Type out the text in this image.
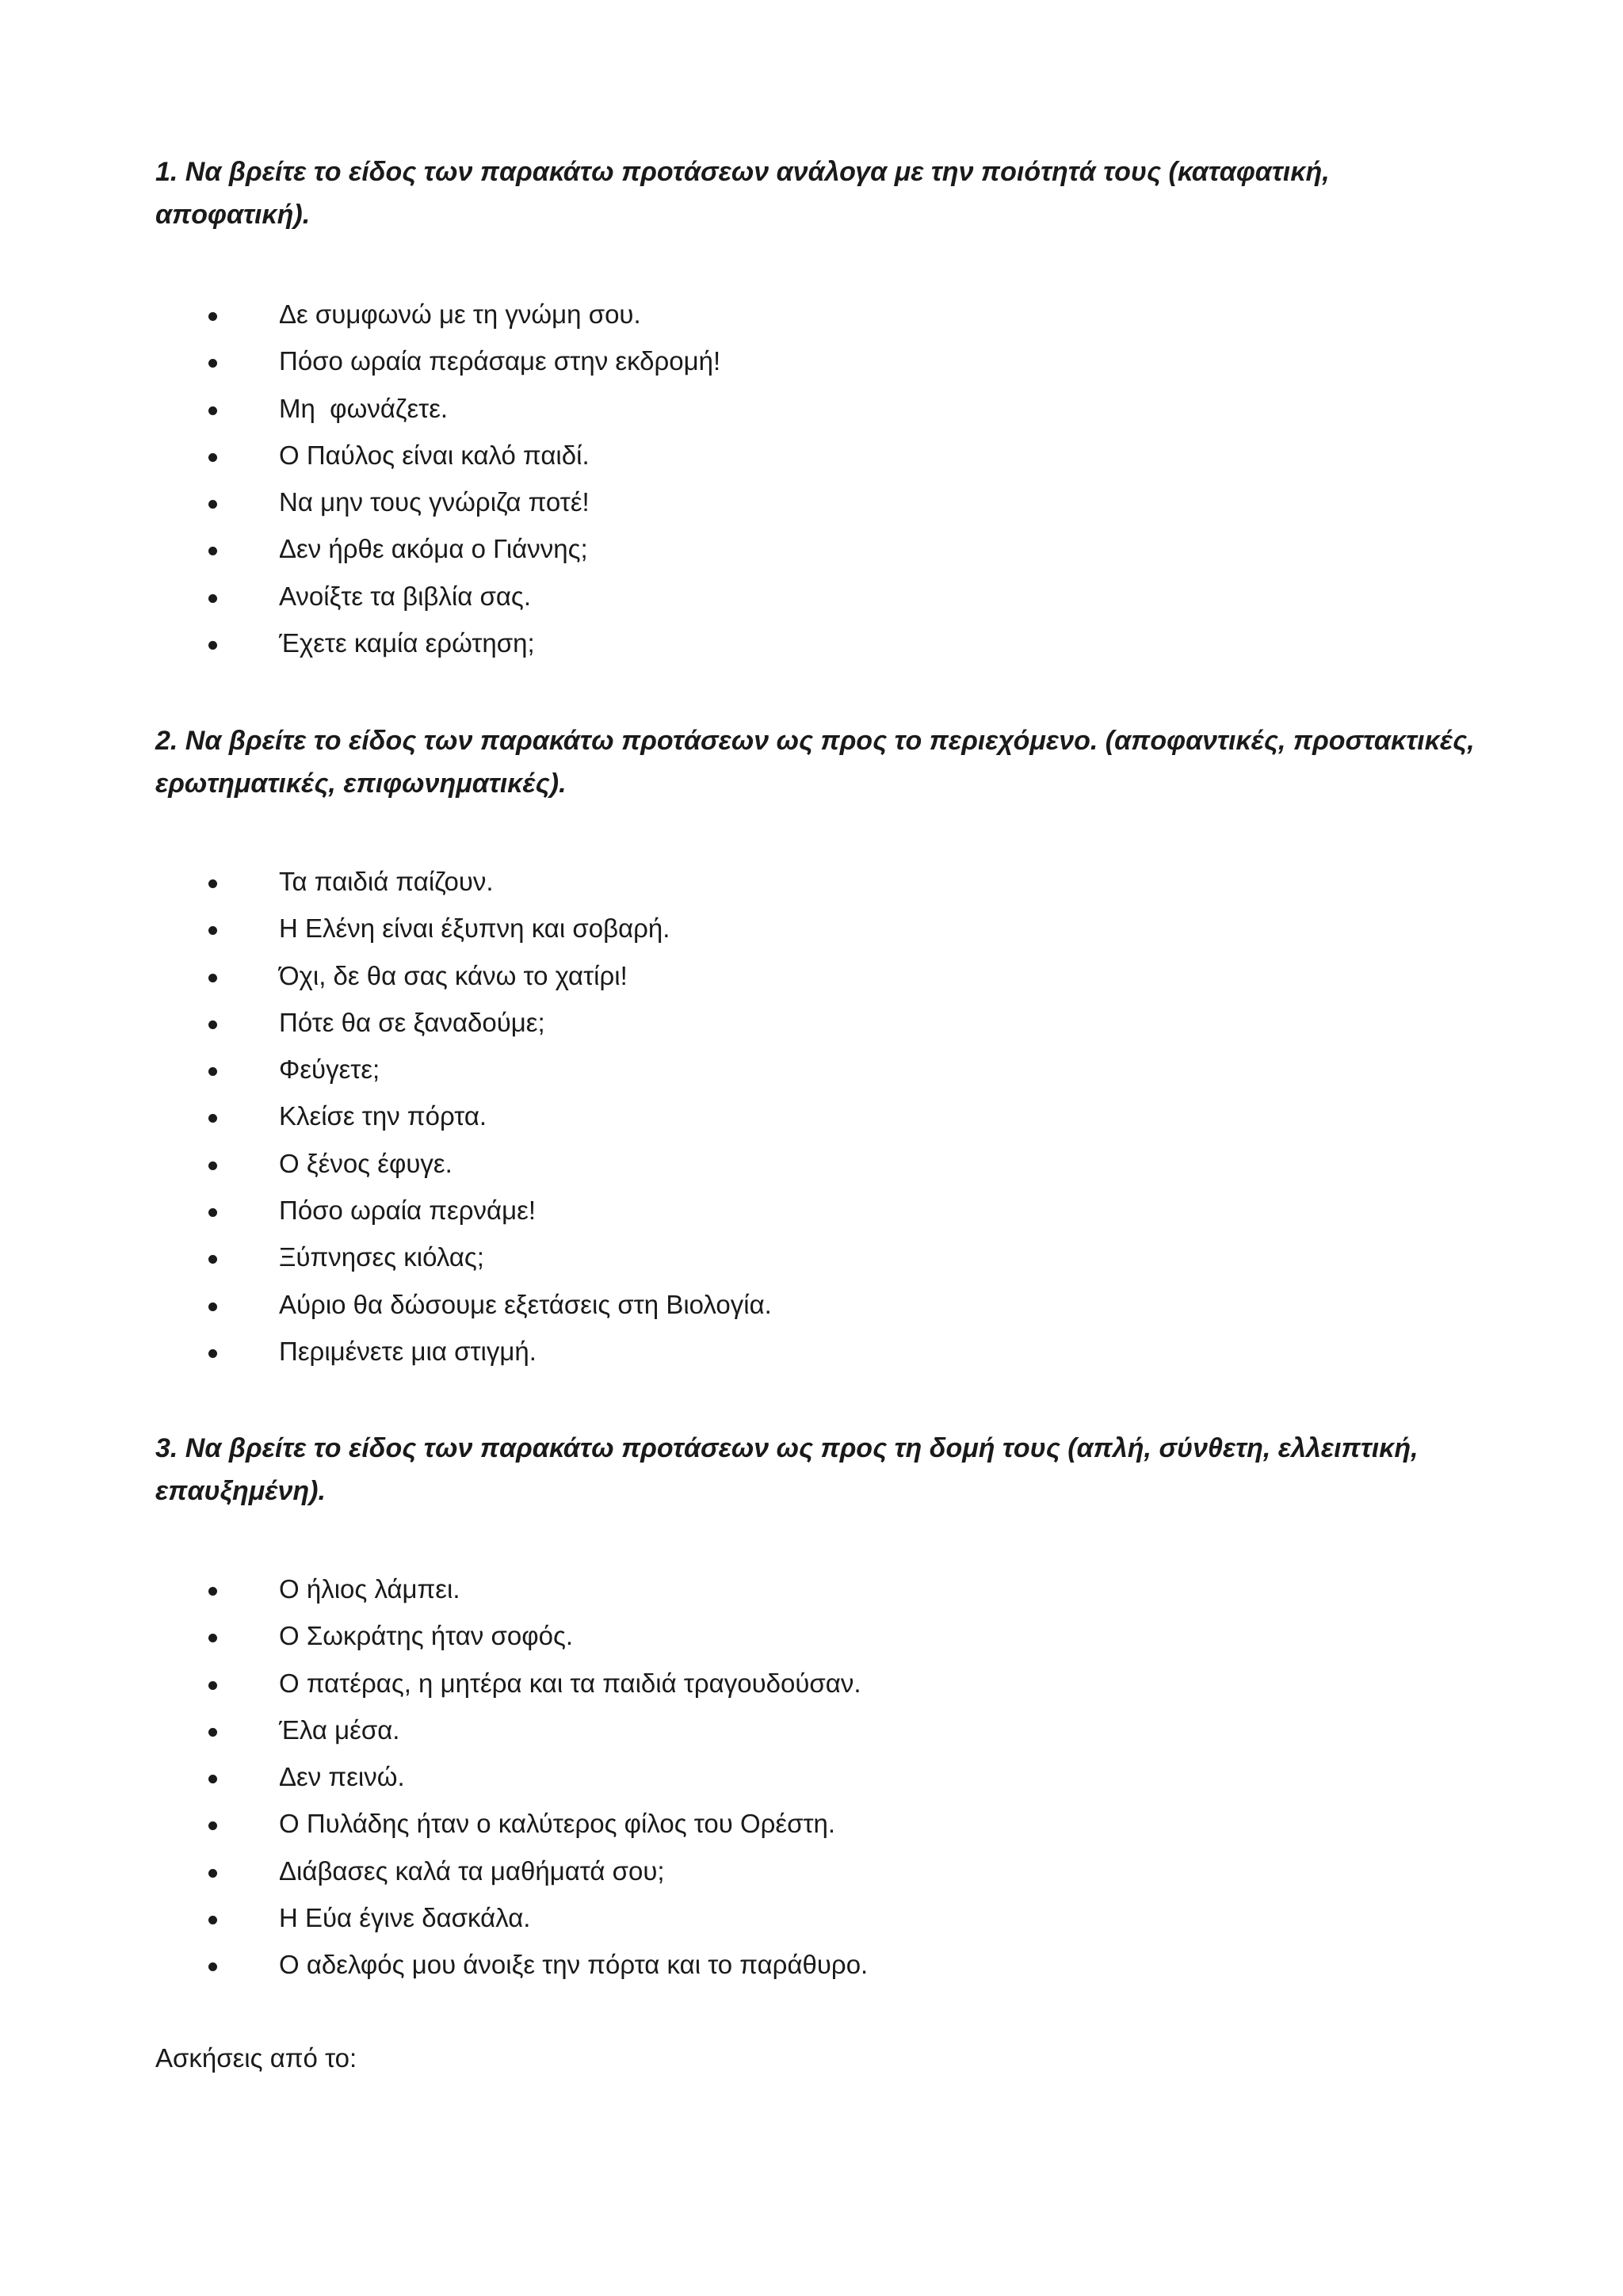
1. Να βρείτε το είδος των παρακάτω προτάσεων ανάλογα με την ποιότητά τους (καταφατική,
αποφατική).

Δε συμφωνώ με τη γνώμη σου.
Πόσο ωραία περάσαμε στην εκδρομή!
Μη  φωνάζετε.
Ο Παύλος είναι καλό παιδί.
Να μην τους γνώριζα ποτέ!
Δεν ήρθε ακόμα ο Γιάννης;
Ανοίξτε τα βιβλία σας.
Έχετε καμία ερώτηση;

2. Να βρείτε το είδος των παρακάτω προτάσεων ως προς το περιεχόμενο. (αποφαντικές, προστακτικές,
ερωτηματικές, επιφωνηματικές).

Τα παιδιά παίζουν.
Η Ελένη είναι έξυπνη και σοβαρή.
Όχι, δε θα σας κάνω το χατίρι!
Πότε θα σε ξαναδούμε;
Φεύγετε;
Κλείσε την πόρτα.
Ο ξένος έφυγε.
Πόσο ωραία περνάμε!
Ξύπνησες κιόλας;
Αύριο θα δώσουμε εξετάσεις στη Βιολογία.
Περιμένετε μια στιγμή.

3. Να βρείτε το είδος των παρακάτω προτάσεων ως προς τη δομή τους (απλή, σύνθετη, ελλειπτική,
επαυξημένη).

Ο ήλιος λάμπει.
Ο Σωκράτης ήταν σοφός.
Ο πατέρας, η μητέρα και τα παιδιά τραγουδούσαν.
Έλα μέσα.
Δεν πεινώ.
Ο Πυλάδης ήταν ο καλύτερος φίλος του Ορέστη.
Διάβασες καλά τα μαθήματά σου;
Η Εύα έγινε δασκάλα.
Ο αδελφός μου άνοιξε την πόρτα και το παράθυρο.

Ασκήσεις από το:
